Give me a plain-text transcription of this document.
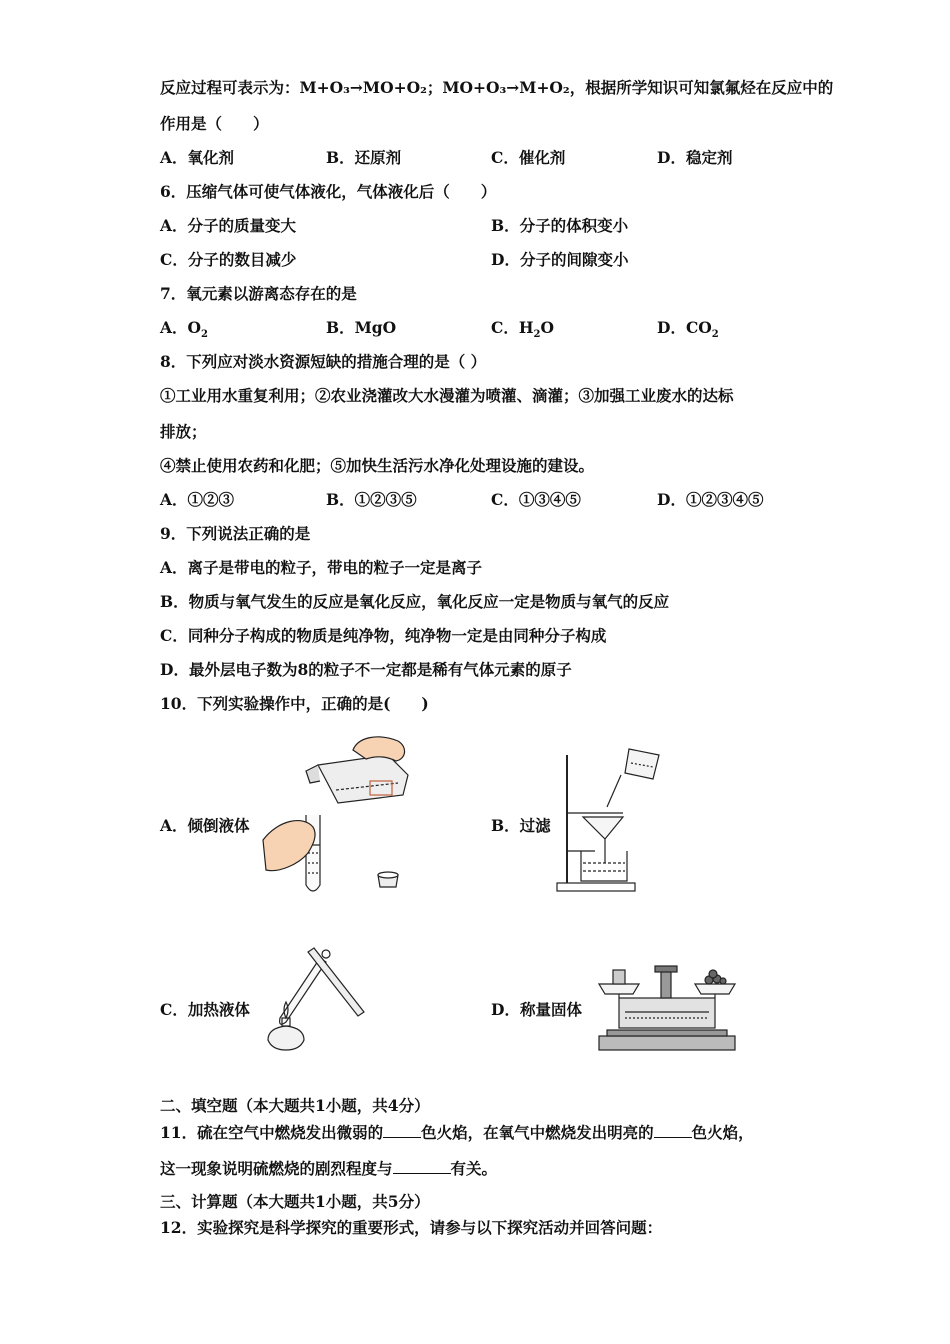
反应过程可表示为：M+O₃→MO+O₂；MO+O₃→M+O₂，根据所学知识可知氯氟烃在反应中的
作用是（　　）
A．氧化剂	B．还原剂	C．催化剂	D．稳定剂
6．压缩气体可使气体液化，气体液化后（　　）
A．分子的质量变大	B．分子的体积变小
C．分子的数目减少	D．分子的间隙变小
7．氧元素以游离态存在的是
A．$O_2$	B．MgO	C．$H_2O$	D．$CO_2$
8．下列应对淡水资源短缺的措施合理的是（ ）
①工业用水重复利用；②农业浇灌改大水漫灌为喷灌、滴灌；③加强工业废水的达标
排放；
④禁止使用农药和化肥；⑤加快生活污水净化处理设施的建设。
A．①②③	B．①②③⑤	C．①③④⑤	D．①②③④⑤
9．下列说法正确的是
A．离子是带电的粒子，带电的粒子一定是离子
B．物质与氧气发生的反应是氧化反应，氧化反应一定是物质与氧气的反应
C．同种分子构成的物质是纯净物，纯净物一定是由同种分子构成
D．最外层电子数为8的粒子不一定都是稀有气体元素的原子
10．下列实验操作中，正确的是(　　)
A．倾倒液体	B．过滤
C．加热液体	D．称量固体
二、填空题（本大题共1小题，共4分）
11．硫在空气中燃烧发出微弱的 色火焰，在氧气中燃烧发出明亮的 色火焰，
这一现象说明硫燃烧的剧烈程度与	有关。
三、计算题（本大题共1小题，共5分）
12．实验探究是科学探究的重要形式，请参与以下探究活动并回答问题：
